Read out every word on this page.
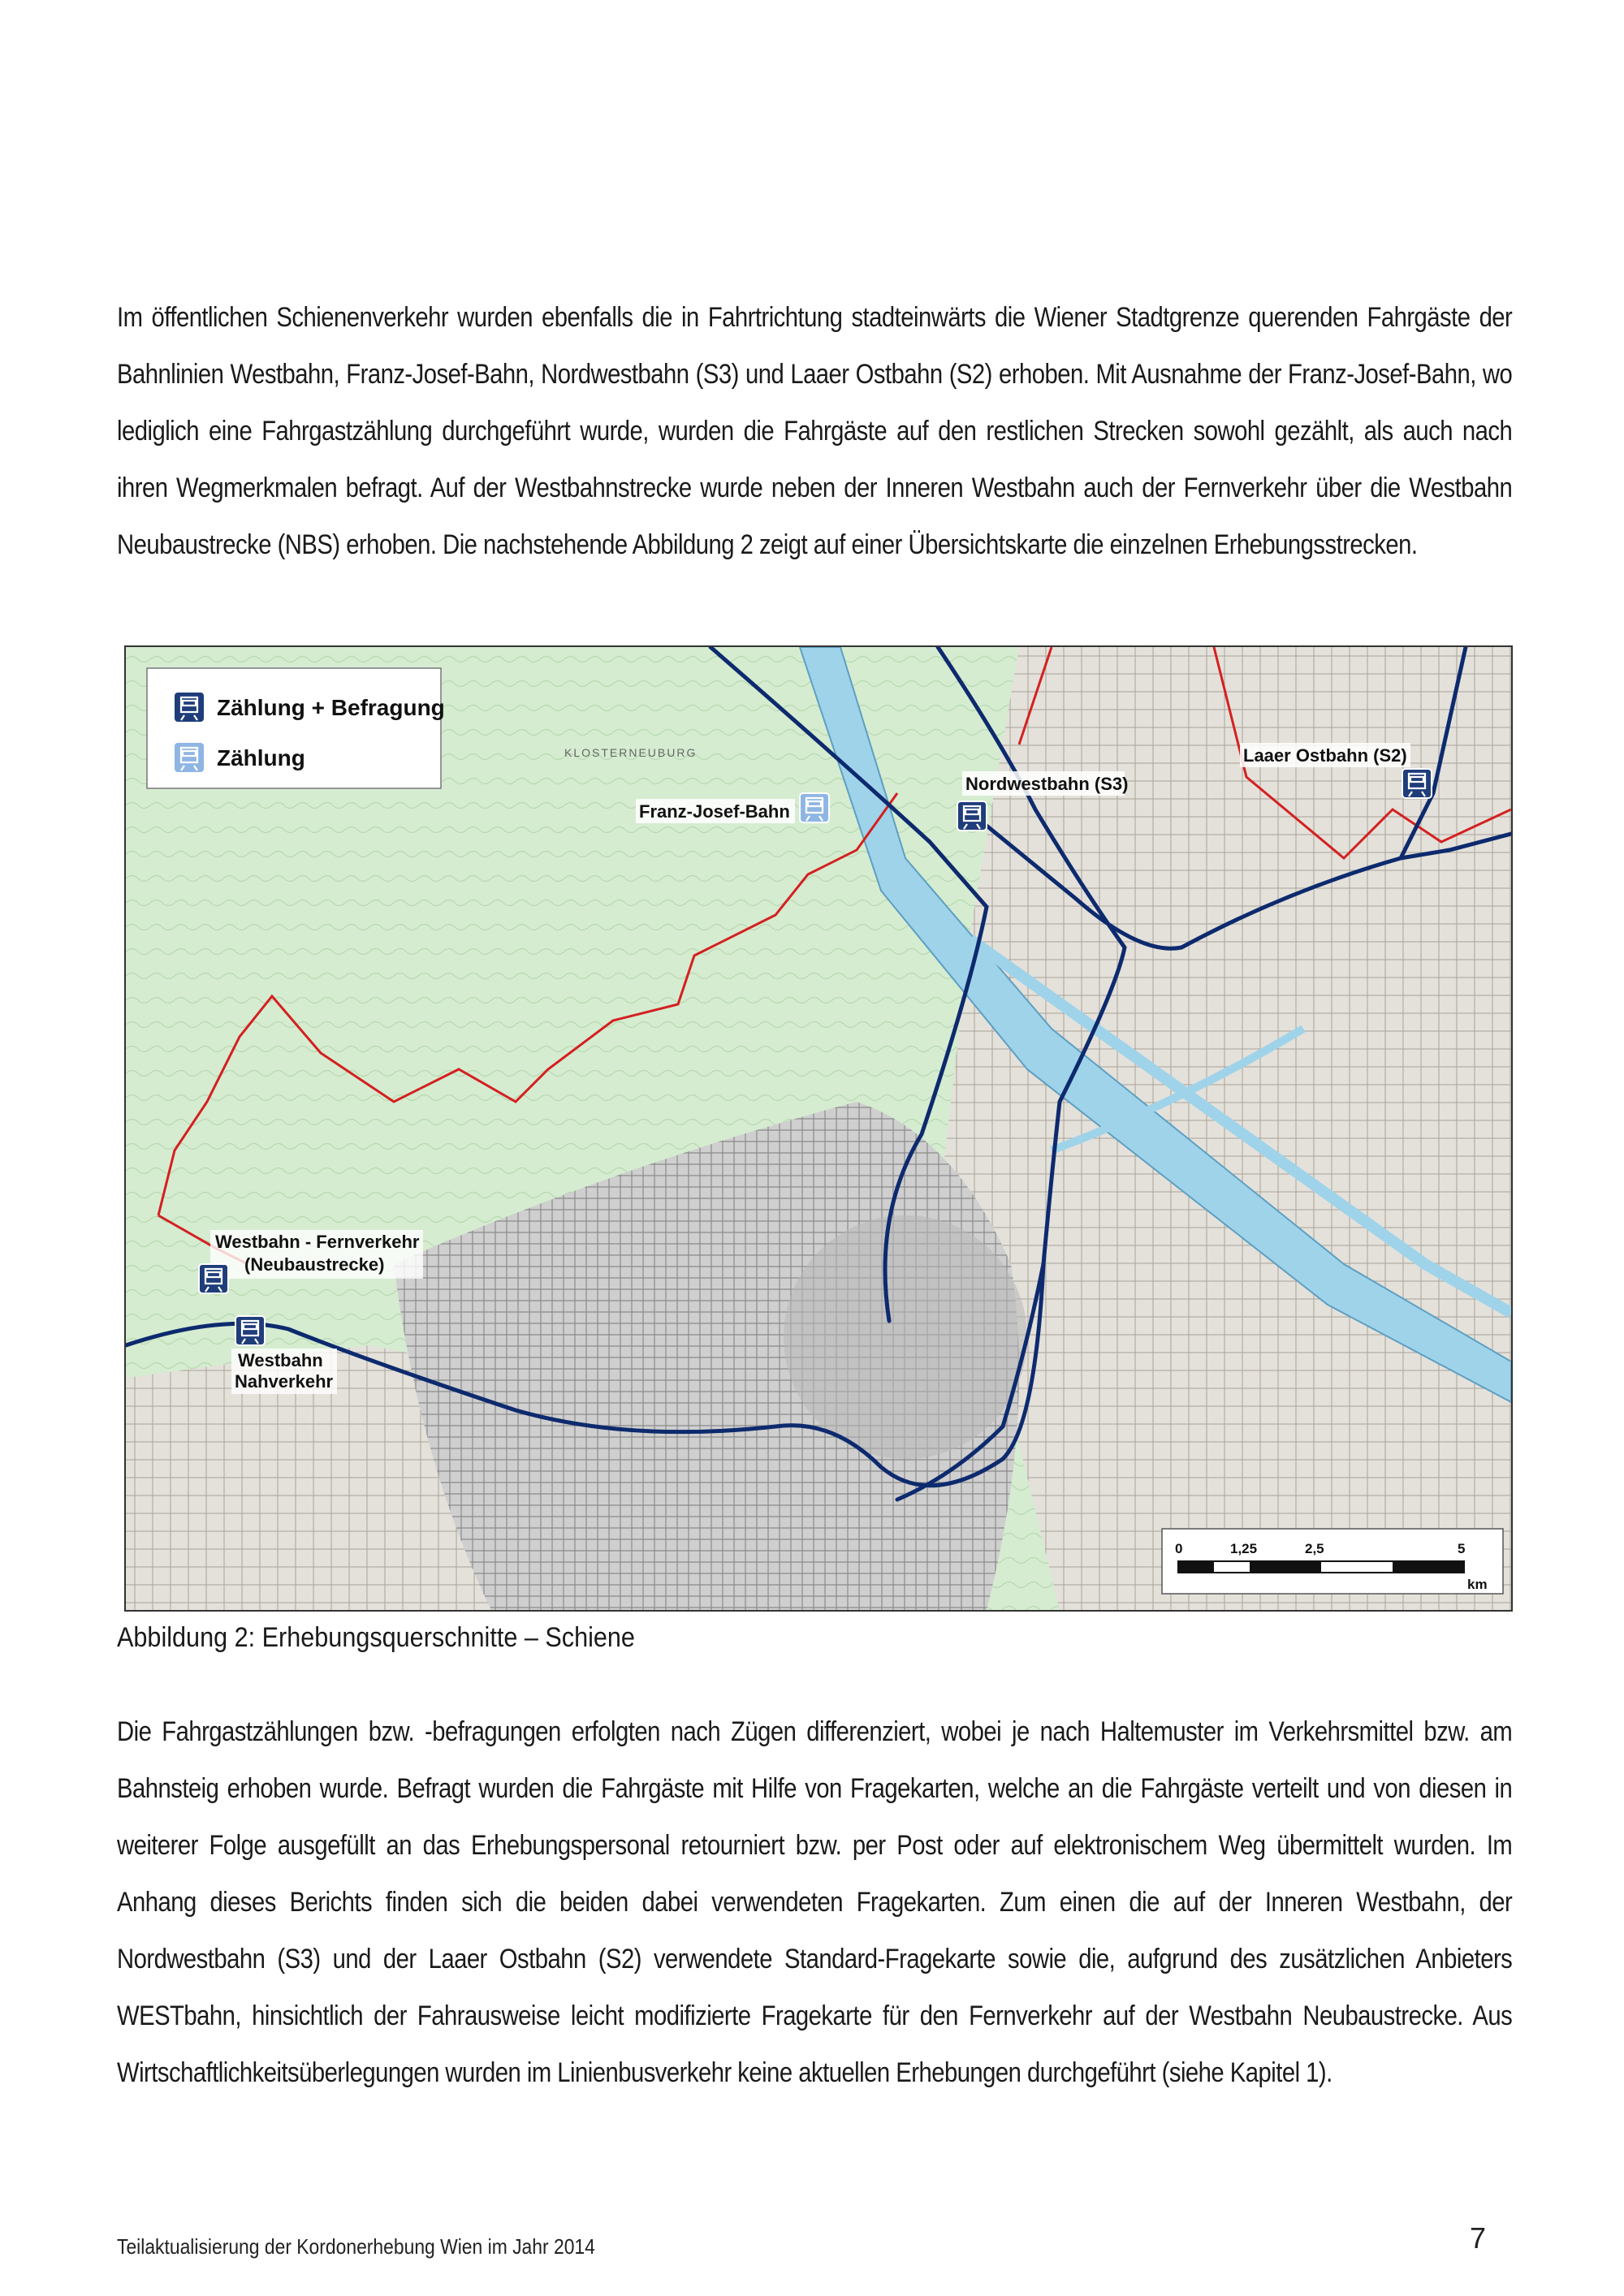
Im öffentlichen Schienenverkehr wurden ebenfalls die in Fahrtrichtung stadteinwärts die Wiener Stadtgrenze querenden Fahrgäste der Bahnlinien Westbahn, Franz-Josef-Bahn, Nordwestbahn (S3) und Laaer Ostbahn (S2) erhoben. Mit Ausnahme der Franz-Josef-Bahn, wo lediglich eine Fahrgastzählung durchgeführt wurde, wurden die Fahrgäste auf den restlichen Strecken sowohl gezählt, als auch nach ihren Wegmerkmalen befragt. Auf der Westbahnstrecke wurde neben der Inneren Westbahn auch der Fernverkehr über die Westbahn Neubaustrecke (NBS) erhoben. Die nachstehende Abbildung 2 zeigt auf einer Übersichtskarte die einzelnen Erhebungsstrecken.

Zählung + Befragung
Zählung	KLOSTERNEUBURG
Franz-Josef-Bahn
Nordwestbahn (S3)
Laaer Ostbahn (S2)
Westbahn - Fernverkehr
(Neubaustrecke)
Westbahn
Nahverkehr
0	1,25	2,5	5
km
Abbildung 2: Erhebungsquerschnitte – Schiene

Die Fahrgastzählungen bzw. -befragungen erfolgten nach Zügen differenziert, wobei je nach Haltemuster im Verkehrsmittel bzw. am Bahnsteig erhoben wurde. Befragt wurden die Fahrgäste mit Hilfe von Fragekarten, welche an die Fahrgäste verteilt und von diesen in weiterer Folge ausgefüllt an das Erhebungspersonal retourniert bzw. per Post oder auf elektronischem Weg übermittelt wurden. Im Anhang dieses Berichts finden sich die beiden dabei verwendeten Fragekarten. Zum einen die auf der Inneren Westbahn, der Nordwestbahn (S3) und der Laaer Ostbahn (S2) verwendete Standard-Fragekarte sowie die, aufgrund des zusätzlichen Anbieters WESTbahn, hinsichtlich der Fahrausweise leicht modifizierte Fragekarte für den Fernverkehr auf der Westbahn Neubaustrecke. Aus Wirtschaftlichkeitsüberlegungen wurden im Linienbusverkehr keine aktuellen Erhebungen durchgeführt (siehe Kapitel 1).

Teilaktualisierung der Kordonerhebung Wien im Jahr 2014	7
